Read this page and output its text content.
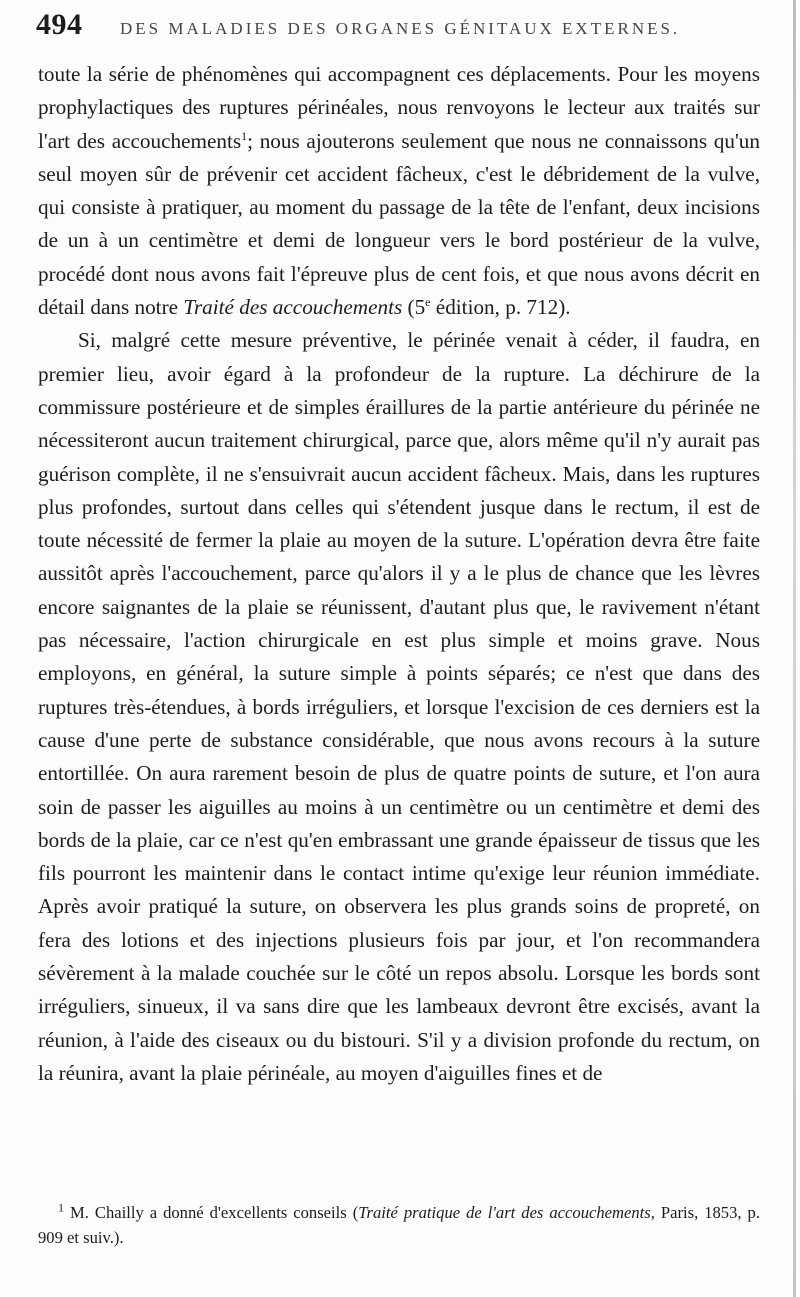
494	DES MALADIES DES ORGANES GÉNITAUX EXTERNES.

toute la série de phénomènes qui accompagnent ces déplacements. Pour les moyens prophylactiques des ruptures périnéales, nous renvoyons le lecteur aux traités sur l'art des accouchements$^1$; nous ajouterons seulement que nous ne connaissons qu'un seul moyen sûr de prévenir cet accident fâcheux, c'est le débridement de la vulve, qui consiste à pratiquer, au moment du passage de la tête de l'enfant, deux incisions de un à un centimètre et demi de longueur vers le bord postérieur de la vulve, procédé dont nous avons fait l'épreuve plus de cent fois, et que nous avons décrit en détail dans notre Traité des accouchements (5e édition, p. 712).

Si, malgré cette mesure préventive, le périnée venait à céder, il faudra, en premier lieu, avoir égard à la profondeur de la rupture. La déchirure de la commissure postérieure et de simples éraillures de la partie antérieure du périnée ne nécessiteront aucun traitement chirurgical, parce que, alors même qu'il n'y aurait pas guérison complète, il ne s'ensuivrait aucun accident fâcheux. Mais, dans les ruptures plus profondes, surtout dans celles qui s'étendent jusque dans le rectum, il est de toute nécessité de fermer la plaie au moyen de la suture. L'opération devra être faite aussitôt après l'accouchement, parce qu'alors il y a le plus de chance que les lèvres encore saignantes de la plaie se réunissent, d'autant plus que, le ravivement n'étant pas nécessaire, l'action chirurgicale en est plus simple et moins grave. Nous employons, en général, la suture simple à points séparés; ce n'est que dans des ruptures très-étendues, à bords irréguliers, et lorsque l'excision de ces derniers est la cause d'une perte de substance considérable, que nous avons recours à la suture entortillée. On aura rarement besoin de plus de quatre points de suture, et l'on aura soin de passer les aiguilles au moins à un centimètre ou un centimètre et demi des bords de la plaie, car ce n'est qu'en embrassant une grande épaisseur de tissus que les fils pourront les maintenir dans le contact intime qu'exige leur réunion immédiate. Après avoir pratiqué la suture, on observera les plus grands soins de propreté, on fera des lotions et des injections plusieurs fois par jour, et l'on recommandera sévèrement à la malade couchée sur le côté un repos absolu. Lorsque les bords sont irréguliers, sinueux, il va sans dire que les lambeaux devront être excisés, avant la réunion, à l'aide des ciseaux ou du bistouri. S'il y a division profonde du rectum, on la réunira, avant la plaie périnéale, au moyen d'aiguilles fines et de

$^1$ M. Chailly a donné d'excellents conseils (Traité pratique de l'art des accouchements, Paris, 1853, p. 909 et suiv.).
